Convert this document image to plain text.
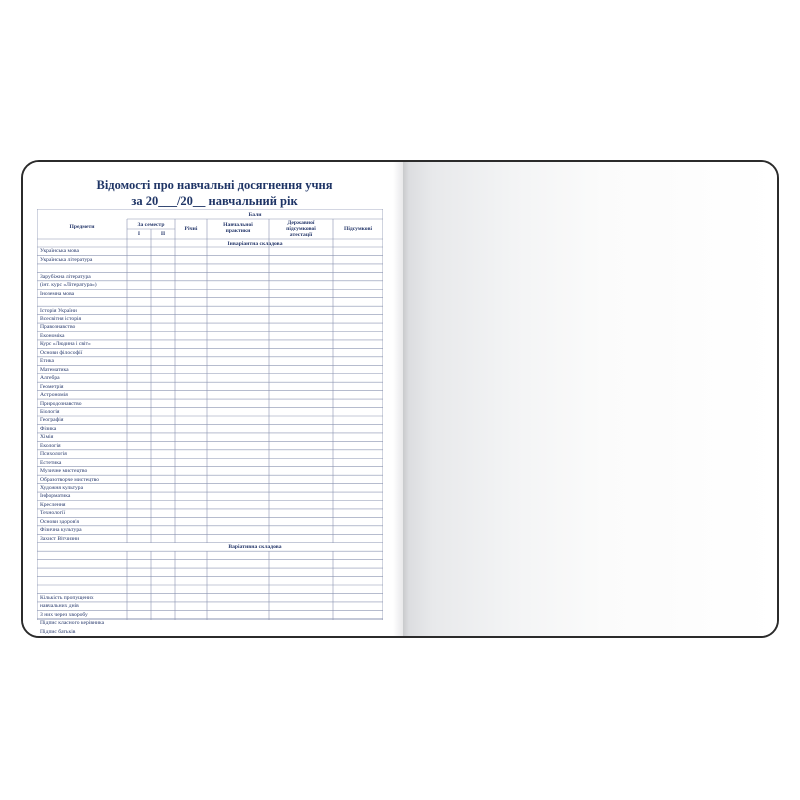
Відомості про навчальні досягнення учня
за 20___/20__ навчальний рік
Предмети
Бали
За семестр
I	II
Річні
Навчальної
практики
Державної
підсумкової
атестації
Підсумкові
Інваріантна складова
Варіативна складова
Українська мова
Українська література
Зарубіжна література
(інт. курс «Література»)
Іноземна мова
Історія України
Всесвітня історія
Правознавство
Економіка
Курс «Людина і світ»
Основи філософії
Етика
Математика
Алгебра
Геометрія
Астрономія
Природознавство
Біологія
Географія
Фізика
Хімія
Екологія
Психологія
Естетика
Музичне мистецтво
Образотворче мистецтво
Художня культура
Інформатика
Креслення
Технології
Основи здоров'я
Фізична культура
Захист Вітчизни
Кількість пропущених
навчальних днів
З них через хворобу
Підпис класного керівника
Підпис батьків
